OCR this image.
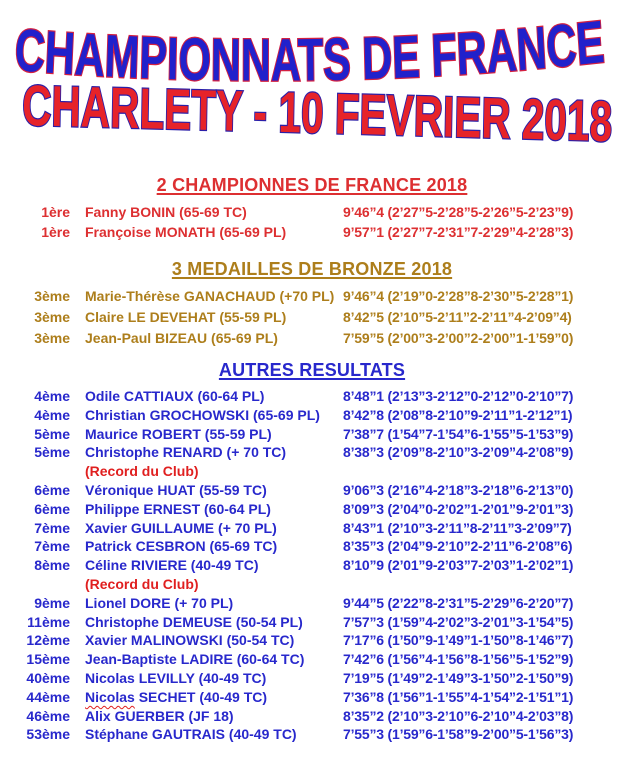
CHAMPIONNATS DE FRANCE
CHARLETY - 10 FEVRIER 2018
2 CHAMPIONNES DE FRANCE 2018
1ère Fanny BONIN (65-69 TC)	9’46”4 (2’27”5-2’28”5-2’26”5-2’23”9)
1ère Françoise MONATH (65-69 PL)	9’57”1 (2’27”7-2’31”7-2’29”4-2’28”3)
3 MEDAILLES DE BRONZE 2018
3ème Marie-Thérèse GANACHAUD (+70 PL) 9’46”4 (2’19”0-2’28”8-2’30”5-2’28”1)
3ème Claire LE DEVEHAT (55-59 PL)	8’42”5 (2’10”5-2’11”2-2’11”4-2’09”4)
3ème Jean-Paul BIZEAU (65-69 PL)	7’59”5 (2’00”3-2’00”2-2’00”1-1’59”0)
AUTRES RESULTATS
4ème Odile CATTIAUX (60-64 PL)	8’48”1 (2’13”3-2’12”0-2’12”0-2’10”7)
4ème Christian GROCHOWSKI (65-69 PL)	8’42”8 (2’08”8-2’10”9-2’11”1-2’12”1)
5ème Maurice ROBERT (55-59 PL)	7’38”7 (1’54”7-1’54”6-1’55”5-1’53”9)
5ème Christophe RENARD (+ 70 TC)	8’38”3 (2’09”8-2’10”3-2’09”4-2’08”9)
(Record du Club)
6ème Véronique HUAT (55-59 TC)	9’06”3 (2’16”4-2’18”3-2’18”6-2’13”0)
6ème Philippe ERNEST (60-64 PL)	8’09”3 (2’04”0-2’02”1-2’01”9-2’01”3)
7ème Xavier GUILLAUME (+ 70 PL)	8’43”1 (2’10”3-2’11”8-2’11”3-2’09”7)
7ème Patrick CESBRON (65-69 TC)	8’35”3 (2’04”9-2’10”2-2’11”6-2’08”6)
8ème Céline RIVIERE (40-49 TC)	8’10”9 (2’01”9-2’03”7-2’03”1-2’02”1)
(Record du Club)
9ème Lionel DORE (+ 70 PL)	9’44”5 (2’22”8-2’31”5-2’29”6-2’20”7)
11ème Christophe DEMEUSE (50-54 PL)	7’57”3 (1’59”4-2’02”3-2’01”3-1’54”5)
12ème Xavier MALINOWSKI (50-54 TC)	7’17”6 (1’50”9-1’49”1-1’50”8-1’46”7)
15ème Jean-Baptiste LADIRE (60-64 TC)	7’42”6 (1’56”4-1’56”8-1’56”5-1’52”9)
40ème Nicolas LEVILLY (40-49 TC)	7’19”5 (1’49”2-1’49”3-1’50”2-1’50”9)
44ème Nicolas SECHET (40-49 TC)	7’36”8 (1’56”1-1’55”4-1’54”2-1’51”1)
46ème Alix GUERBER (JF 18)	8’35”2 (2’10”3-2’10”6-2’10”4-2’03”8)
53ème Stéphane GAUTRAIS (40-49 TC)	7’55”3 (1’59”6-1’58”9-2’00”5-1’56”3)
